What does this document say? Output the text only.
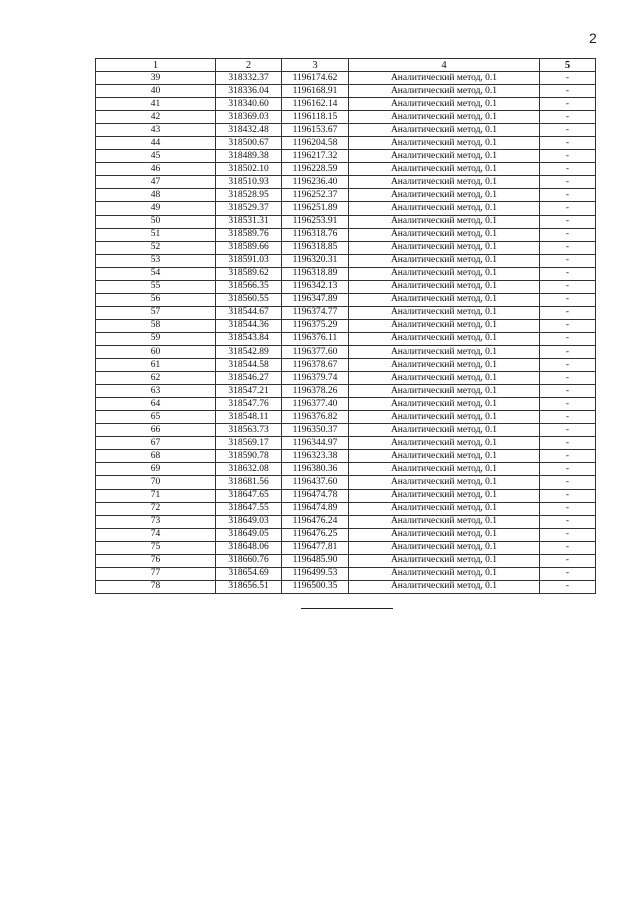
2
1	2	3	4	5
39	318332.37	1196174.62	Аналитический метод, 0.1	-
40	318336.04	1196168.91	Аналитический метод, 0.1	-
41	318340.60	1196162.14	Аналитический метод, 0.1	-
42	318369.03	1196118.15	Аналитический метод, 0.1	-
43	318432.48	1196153.67	Аналитический метод, 0.1	-
44	318500.67	1196204.58	Аналитический метод, 0.1	-
45	318489.38	1196217.32	Аналитический метод, 0.1	-
46	318502.10	1196228.59	Аналитический метод, 0.1	-
47	318510.93	1196236.40	Аналитический метод, 0.1	-
48	318528.95	1196252.37	Аналитический метод, 0.1	-
49	318529.37	1196251.89	Аналитический метод, 0.1	-
50	318531.31	1196253.91	Аналитический метод, 0.1	-
51	318589.76	1196318.76	Аналитический метод, 0.1	-
52	318589.66	1196318.85	Аналитический метод, 0.1	-
53	318591.03	1196320.31	Аналитический метод, 0.1	-
54	318589.62	1196318.89	Аналитический метод, 0.1	-
55	318566.35	1196342.13	Аналитический метод, 0.1	-
56	318560.55	1196347.89	Аналитический метод, 0.1	-
57	318544.67	1196374.77	Аналитический метод, 0.1	-
58	318544.36	1196375.29	Аналитический метод, 0.1	-
59	318543.84	1196376.11	Аналитический метод, 0.1	-
60	318542.89	1196377.60	Аналитический метод, 0.1	-
61	318544.58	1196378.67	Аналитический метод, 0.1	-
62	318546.27	1196379.74	Аналитический метод, 0.1	-
63	318547.21	1196378.26	Аналитический метод, 0.1	-
64	318547.76	1196377.40	Аналитический метод, 0.1	-
65	318548.11	1196376.82	Аналитический метод, 0.1	-
66	318563.73	1196350.37	Аналитический метод, 0.1	-
67	318569.17	1196344.97	Аналитический метод, 0.1	-
68	318590.78	1196323.38	Аналитический метод, 0.1	-
69	318632.08	1196380.36	Аналитический метод, 0.1	-
70	318681.56	1196437.60	Аналитический метод, 0.1	-
71	318647.65	1196474.78	Аналитический метод, 0.1	-
72	318647.55	1196474.89	Аналитический метод, 0.1	-
73	318649.03	1196476.24	Аналитический метод, 0.1	-
74	318649.05	1196476.25	Аналитический метод, 0.1	-
75	318648.06	1196477.81	Аналитический метод, 0.1	-
76	318660.76	1196485.90	Аналитический метод, 0.1	-
77	318654.69	1196499.53	Аналитический метод, 0.1	-
78	318656.51	1196500.35	Аналитический метод, 0.1	-
